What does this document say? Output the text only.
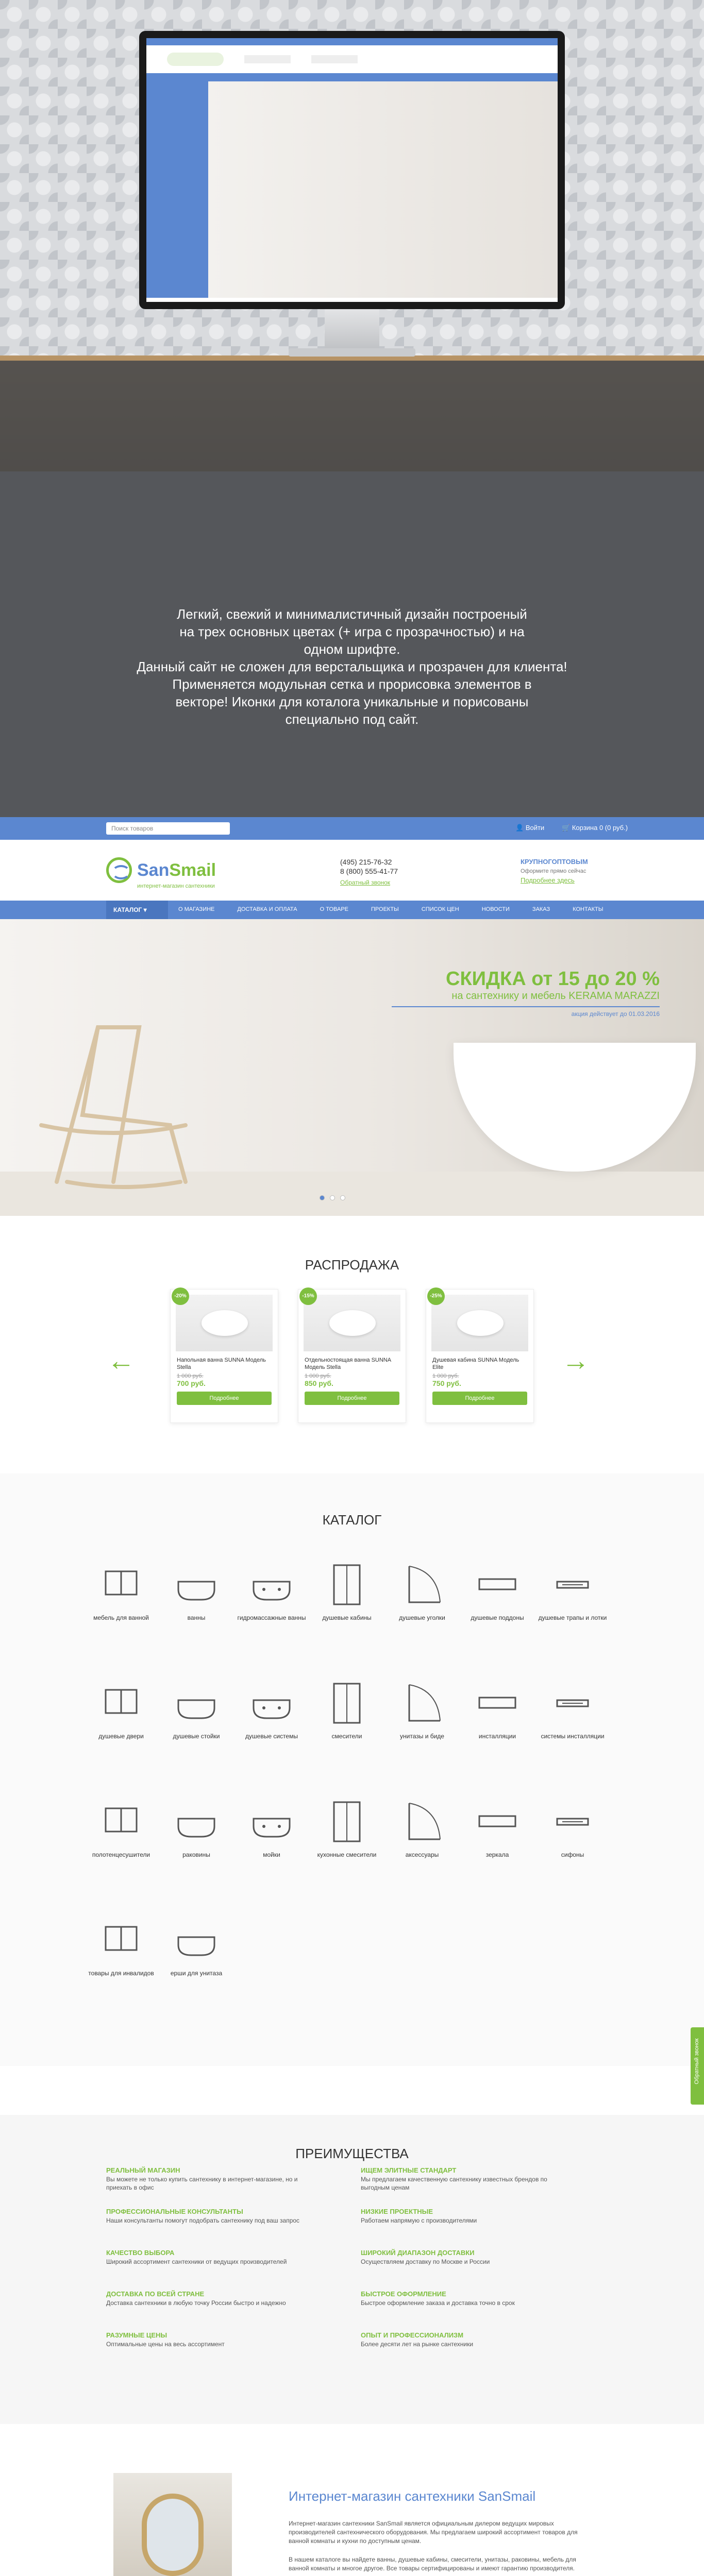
Легкий, свежий и минималистичный дизайн построеный
на трех основных цветах (+ игра с прозрачностью) и на
одном шрифте.
Данный сайт не сложен для верстальщика и прозрачен для клиента!
Применяется модульная сетка и прорисовка элементов в
векторе! Иконки для коталога уникальные и порисованы
специально под сайт.
Поиск товаров	👤 Войти	🛒 Корзина 0 (0 руб.)
SanSmail
интернет-магазин сантехники
(495) 215-76-32
8 (800) 555-41-77
Обратный звонок
КРУПНОГОПТОВЫМ
Оформите прямо сейчас
Подробнее здесь
КАТАЛОГ ▾	О МАГАЗИНЕ	ДОСТАВКА И ОПЛАТА	О ТОВАРЕ	ПРОЕКТЫ	СПИСОК ЦЕН	НОВОСТИ	ЗАКАЗ	КОНТАКТЫ
СКИДКА от 15 до 20 %
на сантехнику и мебель KERAMA MARAZZI
акция действует до 01.03.2016
РАСПРОДАЖА
←	→
-20%
Напольная ванна SUNNA Модель Stella
1 000 руб.
700 руб.
Подробнее
-15%
Отдельностоящая ванна SUNNA Модель Stella
1 000 руб.
850 руб.
Подробнее
-25%
Душевая кабина SUNNA Модель Elite
1 000 руб.
750 руб.
Подробнее
КАТАЛОГ
мебель для ванной	ванны	гидромассажные ванны	душевые кабины	душевые уголки	душевые поддоны	душевые трапы и лотки
душевые двери	душевые стойки	душевые системы	смесители	унитазы и биде	инсталляции	системы инсталляции
полотенцесушители	раковины	мойки	кухонные смесители	аксессуары	зеркала	сифоны
товары для инвалидов	ерши для унитаза
Обратный звонок
ПРЕИМУЩЕСТВА
РЕАЛЬНЫЙ МАГАЗИН
Вы можете не только купить сантехнику в интернет-магазине, но и приехать в офис
ИЩЕМ ЭЛИТНЫЕ СТАНДАРТ
Мы предлагаем качественную сантехнику известных брендов по выгодным ценам
ПРОФЕССИОНАЛЬНЫЕ КОНСУЛЬТАНТЫ
Наши консультанты помогут подобрать сантехнику под ваш запрос
НИЗКИЕ ПРОЕКТНЫЕ
Работаем напрямую с производителями
КАЧЕСТВО ВЫБОРА
Широкий ассортимент сантехники от ведущих производителей
ШИРОКИЙ ДИАПАЗОН ДОСТАВКИ
Осуществляем доставку по Москве и России
ДОСТАВКА ПО ВСЕЙ СТРАНЕ
Доставка сантехники в любую точку России быстро и надежно
БЫСТРОЕ ОФОРМЛЕНИЕ
Быстрое оформление заказа и доставка точно в срок
РАЗУМНЫЕ ЦЕНЫ
Оптимальные цены на весь ассортимент
ОПЫТ И ПРОФЕССИОНАЛИЗМ
Более десяти лет на рынке сантехники
Интернет-магазин сантехники SanSmail
Интернет-магазин сантехники SanSmail является официальным дилером ведущих мировых производителей сантехнического оборудования. Мы предлагаем широкий ассортимент товаров для ванной комнаты и кухни по доступным ценам.
В нашем каталоге вы найдете ванны, душевые кабины, смесители, унитазы, раковины, мебель для ванной комнаты и многое другое. Все товары сертифицированы и имеют гарантию производителя.
